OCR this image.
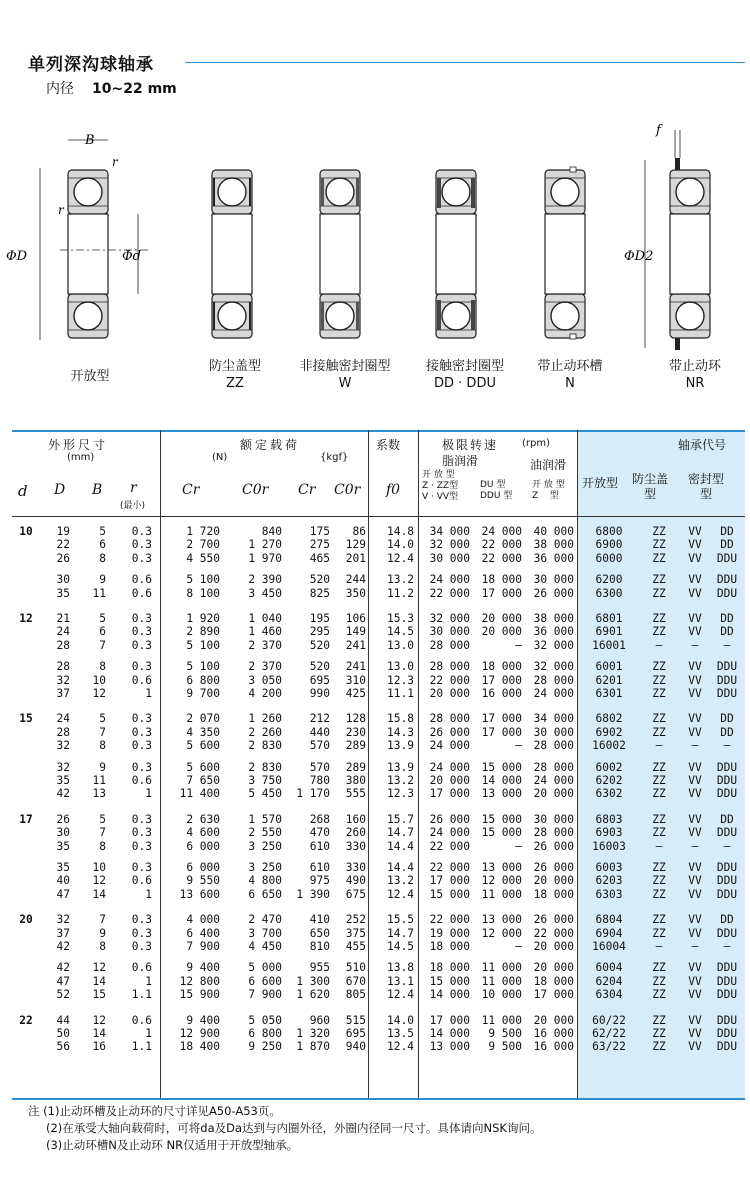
单列深沟球轴承
内径 10~22 mm
B
r
r
ΦD	Φd
f
ΦD2
开放型
防尘盖型
ZZ
非接触密封圈型
W
接触密封圈型
DD · DDU
带止动环槽
N
带止动环
NR
外形尺寸
(mm)
额定载荷
(N)	{kgf}
系数	极限转速 (rpm)
脂润滑	油润滑
轴承代号
开 放 型
Z · ZZ型
V · VV型
DU 型
DDU 型
开 放 型
Z    型
d D B r
(最小)
Cr	C0r Cr C0r f0	开放型 防尘盖
型
密封型
型
10	19	5	0.3	1 720	840	175	86	14.8	34 000	24 000	40 000	6800	ZZ	VV	DD
22	6	0.3	2 700	1 270	275	129	14.0	32 000	22 000	38 000	6900	ZZ	VV	DD
26	8	0.3	4 550	1 970	465	201	12.4	30 000	22 000	36 000	6000	ZZ	VV	DDU
30	9	0.6	5 100	2 390	520	244	13.2	24 000	18 000	30 000	6200	ZZ	VV	DDU
35	11	0.6	8 100	3 450	825	350	11.2	22 000	17 000	26 000	6300	ZZ	VV	DDU
12	21	5	0.3	1 920	1 040	195	106	15.3	32 000	20 000	38 000	6801	ZZ	VV	DD
24	6	0.3	2 890	1 460	295	149	14.5	30 000	20 000	36 000	6901	ZZ	VV	DD
28	7	0.3	5 100	2 370	520	241	13.0	28 000	—	32 000	16001	—	—	—
28	8	0.3	5 100	2 370	520	241	13.0	28 000	18 000	32 000	6001	ZZ	VV	DDU
32	10	0.6	6 800	3 050	695	310	12.3	22 000	17 000	28 000	6201	ZZ	VV	DDU
37	12	1	9 700	4 200	990	425	11.1	20 000	16 000	24 000	6301	ZZ	VV	DDU
15	24	5	0.3	2 070	1 260	212	128	15.8	28 000	17 000	34 000	6802	ZZ	VV	DD
28	7	0.3	4 350	2 260	440	230	14.3	26 000	17 000	30 000	6902	ZZ	VV	DD
32	8	0.3	5 600	2 830	570	289	13.9	24 000	—	28 000	16002	—	—	—
32	9	0.3	5 600	2 830	570	289	13.9	24 000	15 000	28 000	6002	ZZ	VV	DDU
35	11	0.6	7 650	3 750	780	380	13.2	20 000	14 000	24 000	6202	ZZ	VV	DDU
42	13	1	11 400	5 450	1 170	555	12.3	17 000	13 000	20 000	6302	ZZ	VV	DDU
17	26	5	0.3	2 630	1 570	268	160	15.7	26 000	15 000	30 000	6803	ZZ	VV	DD
30	7	0.3	4 600	2 550	470	260	14.7	24 000	15 000	28 000	6903	ZZ	VV	DDU
35	8	0.3	6 000	3 250	610	330	14.4	22 000	—	26 000	16003	—	—	—
35	10	0.3	6 000	3 250	610	330	14.4	22 000	13 000	26 000	6003	ZZ	VV	DDU
40	12	0.6	9 550	4 800	975	490	13.2	17 000	12 000	20 000	6203	ZZ	VV	DDU
47	14	1	13 600	6 650	1 390	675	12.4	15 000	11 000	18 000	6303	ZZ	VV	DDU
20	32	7	0.3	4 000	2 470	410	252	15.5	22 000	13 000	26 000	6804	ZZ	VV	DD
37	9	0.3	6 400	3 700	650	375	14.7	19 000	12 000	22 000	6904	ZZ	VV	DDU
42	8	0.3	7 900	4 450	810	455	14.5	18 000	—	20 000	16004	—	—	—
42	12	0.6	9 400	5 000	955	510	13.8	18 000	11 000	20 000	6004	ZZ	VV	DDU
47	14	1	12 800	6 600	1 300	670	13.1	15 000	11 000	18 000	6204	ZZ	VV	DDU
52	15	1.1	15 900	7 900	1 620	805	12.4	14 000	10 000	17 000	6304	ZZ	VV	DDU
22	44	12	0.6	9 400	5 050	960	515	14.0	17 000	11 000	20 000	60/22	ZZ	VV	DDU
50	14	1	12 900	6 800	1 320	695	13.5	14 000	9 500	16 000	62/22	ZZ	VV	DDU
56	16	1.1	18 400	9 250	1 870	940	12.4	13 000	9 500	16 000	63/22	ZZ	VV	DDU
注 (1)止动环槽及止动环的尺寸详见A50-A53页。
(2)在承受大轴向载荷时，可将da及Da达到与内圈外径，外圈内径同一尺寸。具体请向NSK询问。
(3)止动环槽N及止动环 NR仅适用于开放型轴承。
